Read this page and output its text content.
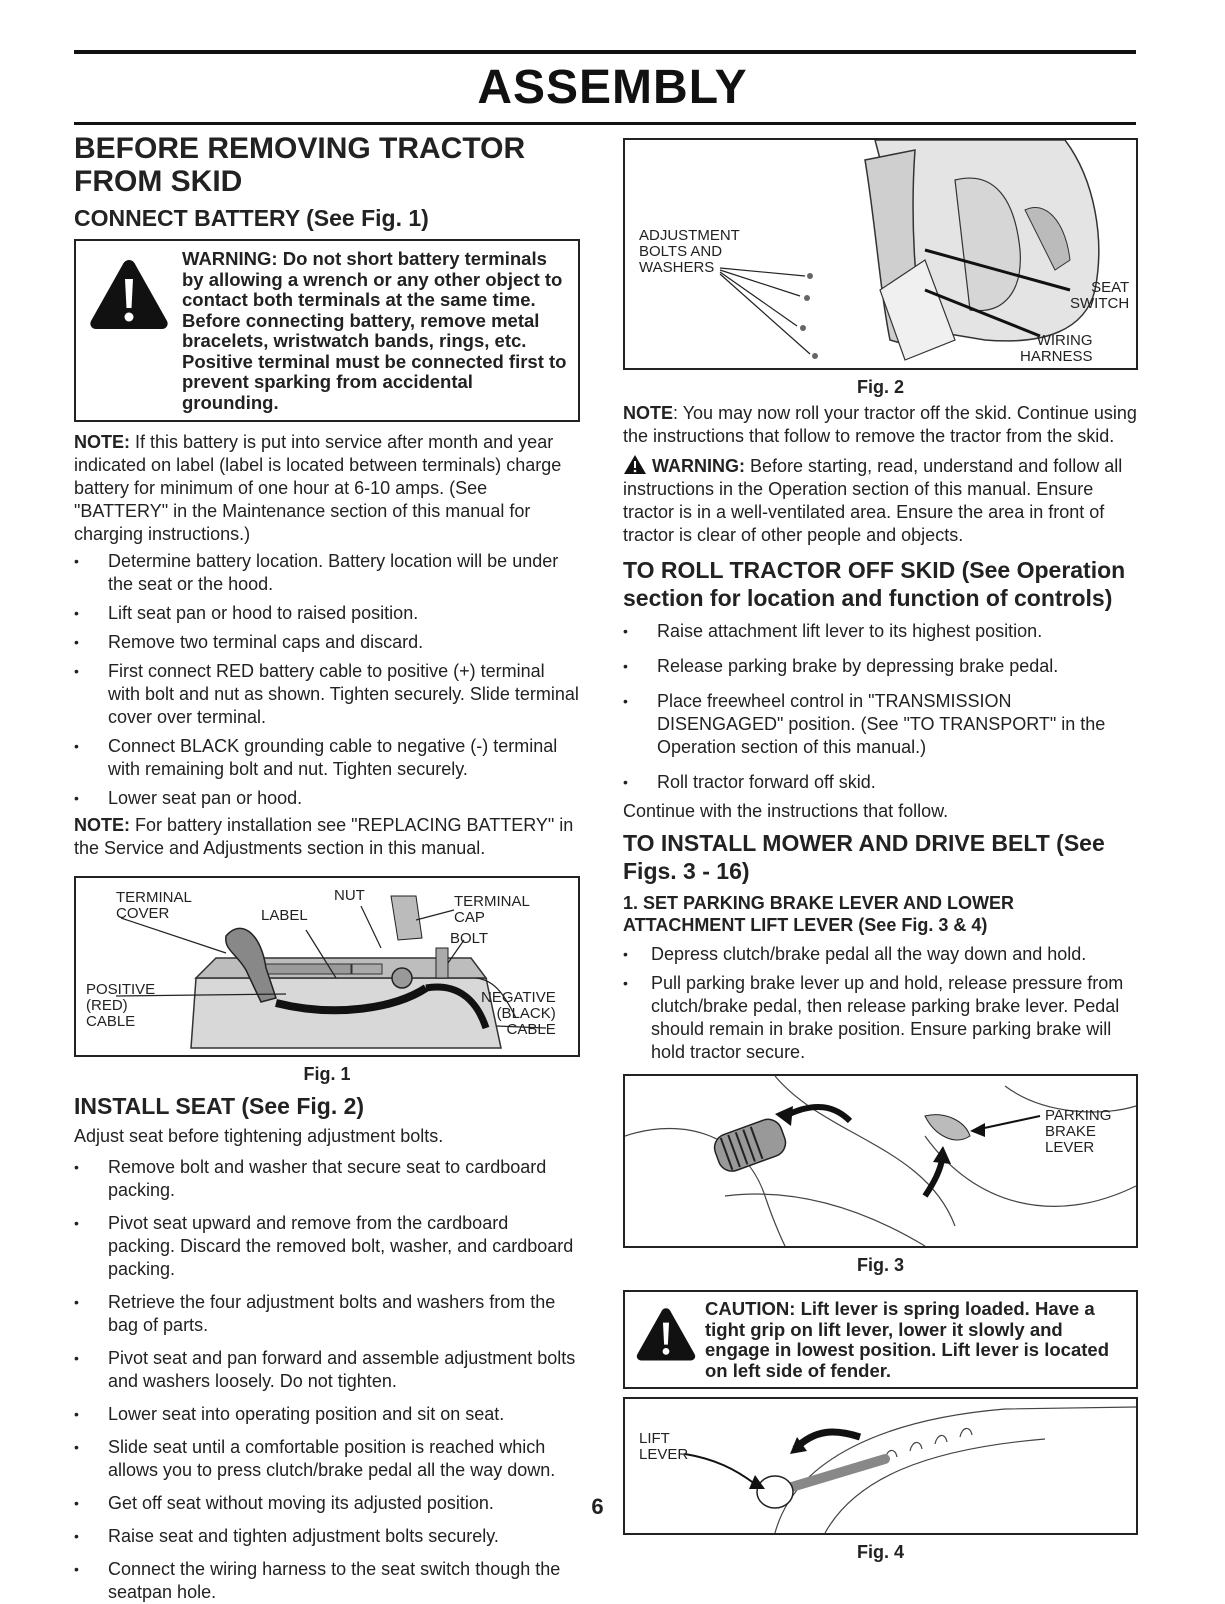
ASSEMBLY
BEFORE REMOVING TRACTOR FROM SKID
CONNECT BATTERY (See Fig. 1)
WARNING: Do not short battery terminals by allowing a wrench or any other object to contact both terminals at the same time. Before connecting battery, remove metal bracelets, wristwatch bands, rings, etc. Positive terminal must be connected first to prevent sparking from accidental grounding.

NOTE: If this battery is put into service after month and year indicated on label (label is located between terminals) charge battery for minimum of one hour at 6-10 amps. (See "BATTERY" in the Maintenance section of this manual for charging instructions.)

• Determine battery location. Battery location will be under the seat or the hood.
• Lift seat pan or hood to raised position.
• Remove two terminal caps and discard.
• First connect RED battery cable to positive (+) terminal with bolt and nut as shown. Tighten securely. Slide terminal cover over terminal.
• Connect BLACK grounding cable to negative (-) terminal with remaining bolt and nut. Tighten securely.
• Lower seat pan or hood.

NOTE: For battery installation see "REPLACING BATTERY" in the Service and Adjustments section in this manual.

TERMINAL
COVER	LABEL
NUT	TERMINAL
CAP
BOLT
POSITIVE
(RED)
CABLE
NEGATIVE
(BLACK)
CABLE
Fig. 1
INSTALL SEAT (See Fig. 2)

Adjust seat before tightening adjustment bolts.

• Remove bolt and washer that secure seat to cardboard packing.
• Pivot seat upward and remove from the cardboard packing. Discard the removed bolt, washer, and cardboard packing.
• Retrieve the four adjustment bolts and washers from the bag of parts.
• Pivot seat and pan forward and assemble adjustment bolts and washers loosely. Do not tighten.
• Lower seat into operating position and sit on seat.
• Slide seat until a comfortable position is reached which allows you to press clutch/brake pedal all the way down.
• Get off seat without moving its adjusted position.
• Raise seat and tighten adjustment bolts securely.
• Connect the wiring harness to the seat switch though the seatpan hole.
ADJUSTMENT
BOLTS AND
WASHERS
SEAT
SWITCH
WIRING
HARNESS
Fig. 2

NOTE: You may now roll your tractor off the skid. Continue using the instructions that follow to remove the tractor from the skid.

WARNING: Before starting, read, understand and follow all instructions in the Operation section of this manual. Ensure tractor is in a well-ventilated area. Ensure the area in front of tractor is clear of other people and objects.

TO ROLL TRACTOR OFF SKID (See Operation section for location and function of controls)
• Raise attachment lift lever to its highest position.
• Release parking brake by depressing brake pedal.
• Place freewheel control in "TRANSMISSION DISENGAGED" position. (See "TO TRANSPORT" in the Operation section of this manual.)
• Roll tractor forward off skid.

Continue with the instructions that follow.

TO INSTALL MOWER AND DRIVE BELT (See Figs. 3 - 16)
1. SET PARKING BRAKE LEVER AND LOWER ATTACHMENT LIFT LEVER (See Fig. 3 & 4)
• Depress clutch/brake pedal all the way down and hold.
• Pull parking brake lever up and hold, release pressure from clutch/brake pedal, then release parking brake lever. Pedal should remain in brake position. Ensure parking brake will hold tractor secure.
PARKING
BRAKE
LEVER
Fig. 3
CAUTION: Lift lever is spring loaded. Have a tight grip on lift lever, lower it slowly and engage in lowest position. Lift lever is located on left side of fender.
LIFT
LEVER
Fig. 4
6
